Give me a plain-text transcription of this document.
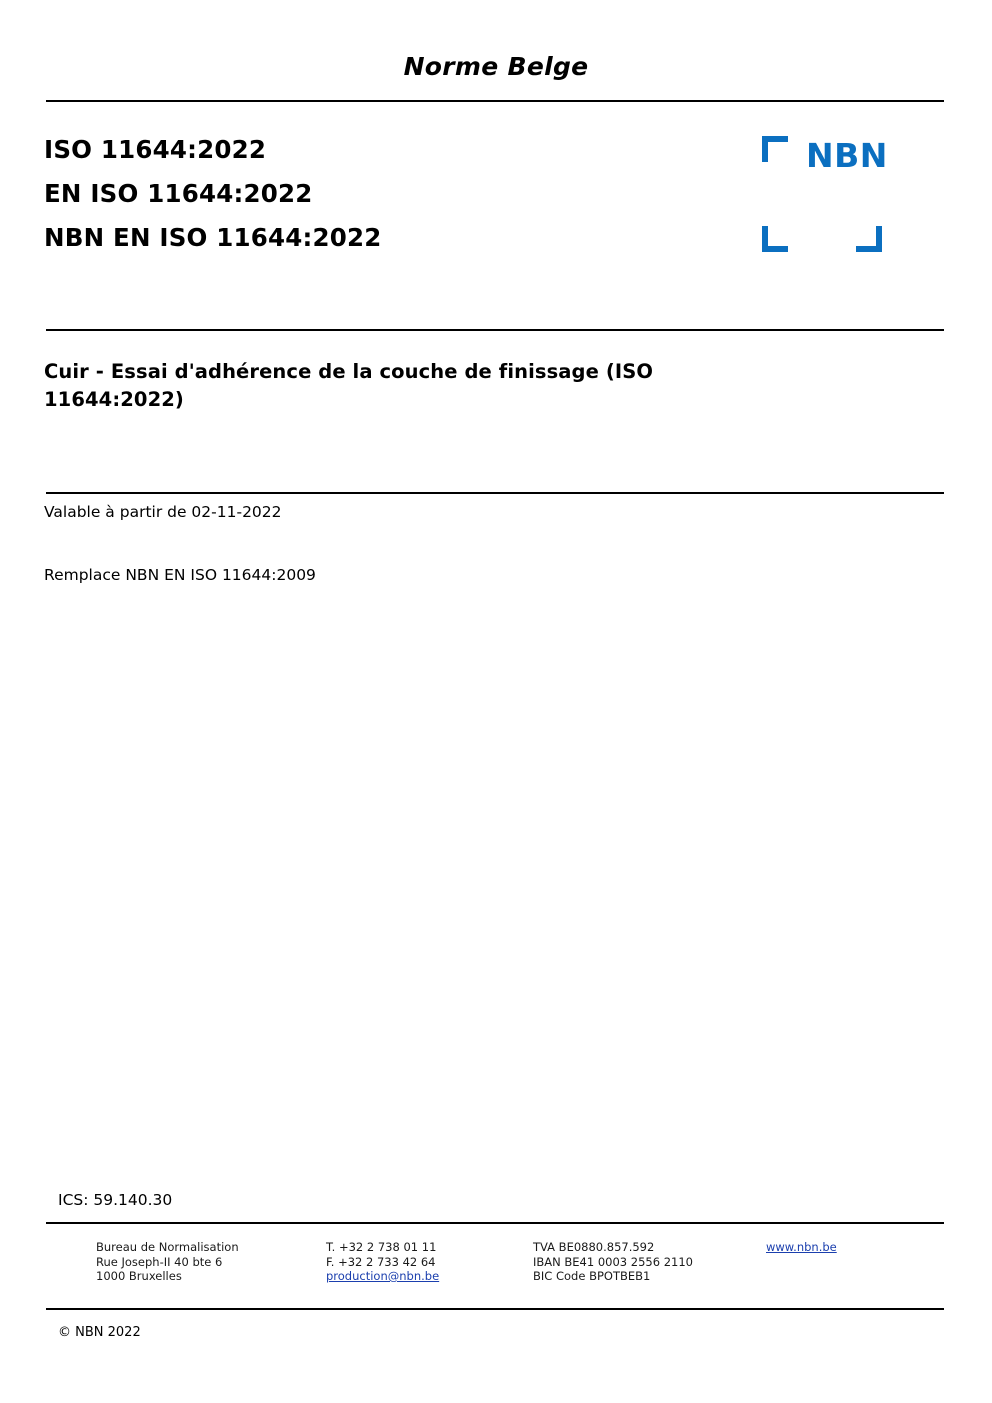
Norme Belge
ISO 11644:2022
EN ISO 11644:2022
NBN EN ISO 11644:2022
NBN
Cuir - Essai d'adhérence de la couche de finissage (ISO 11644:2022)
Valable à partir de 02-11-2022
Remplace NBN EN ISO 11644:2009
ICS: 59.140.30
Bureau de Normalisation
Rue Joseph-II 40 bte 6
1000 Bruxelles
T. +32 2 738 01 11
F. +32 2 733 42 64
production@nbn.be
TVA BE0880.857.592
IBAN BE41 0003 2556 2110
BIC Code BPOTBEB1
www.nbn.be
© NBN 2022
